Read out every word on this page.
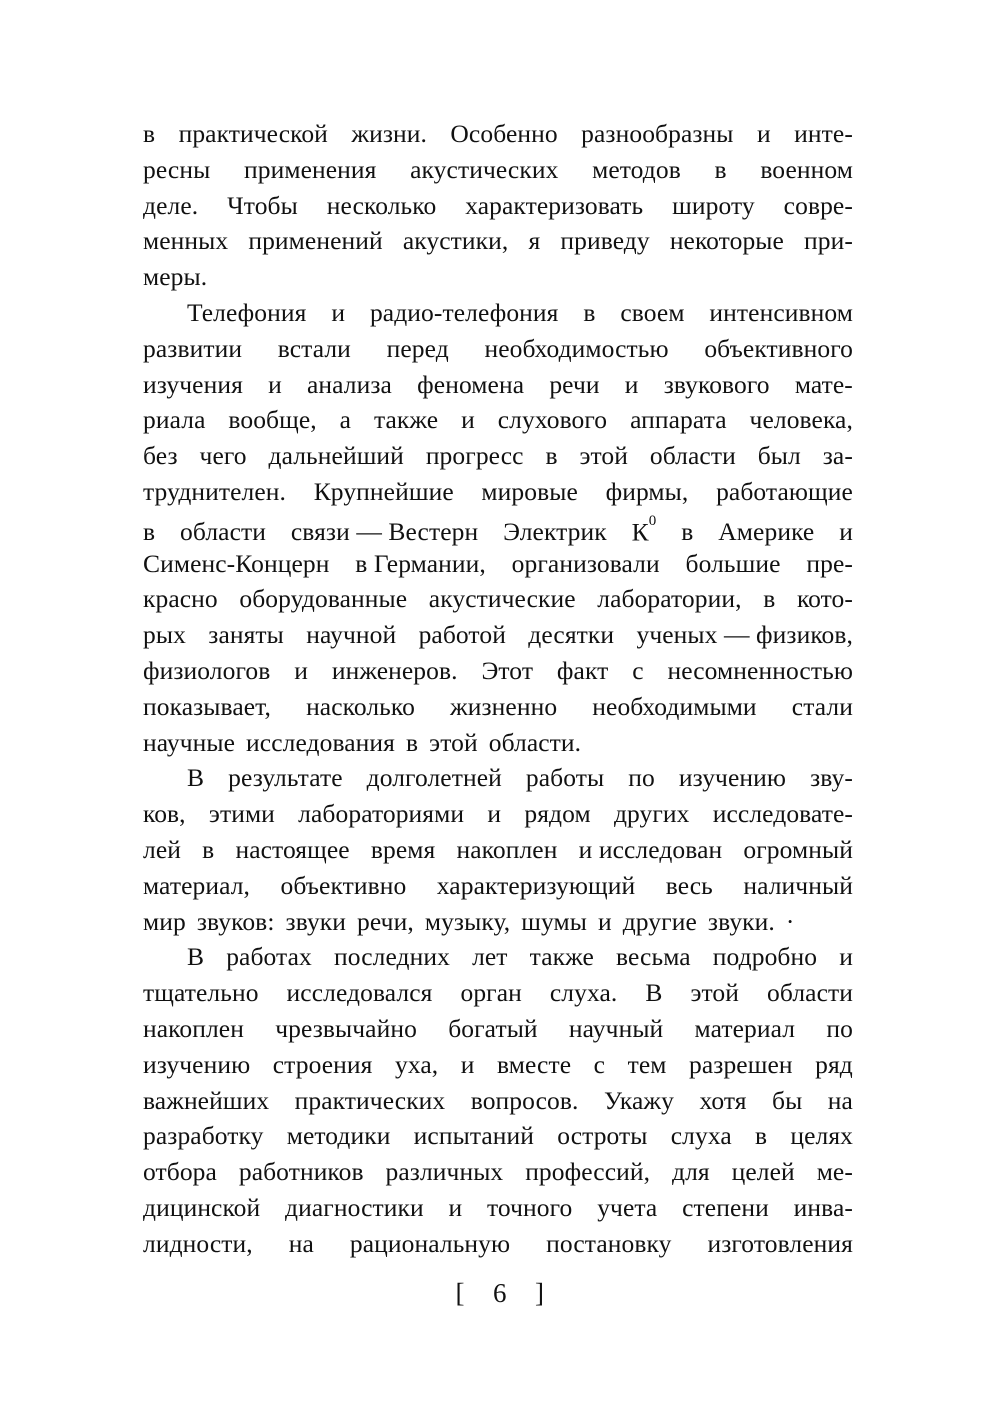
в практической жизни. Особенно разнообразны и инте-
ресны применения акустических методов в военном
деле. Чтобы несколько характеризовать широту совре-
менных применений акустики, я приведу некоторые при-
меры.
Телефония и радио-телефония в своем интенсивном
развитии встали перед необходимостью объективного
изучения и анализа феномена речи и звукового мате-
риала вообще, а также и слухового аппарата человека,
без чего дальнейший прогресс в этой области был за-
труднителен. Крупнейшие мировые фирмы, работающие
в области связи — Вестерн Электрик $К^0$ в Америке и
Сименс-Концерн в Германии, организовали большие пре-
красно оборудованные акустические лаборатории, в кото-
рых заняты научной работой десятки ученых — физиков,
физиологов и инженеров. Этот факт с несомненностью
показывает, насколько жизненно необходимыми стали
научные исследования в этой области.
В результате долголетней работы по изучению зву-
ков, этими лабораториями и рядом других исследовате-
лей в настоящее время накоплен и исследован огромный
материал, объективно характеризующий весь наличный
мир звуков: звуки речи, музыку, шумы и другие звуки. ·
В работах последних лет также весьма подробно и
тщательно исследовался орган слуха. В этой области
накоплен чрезвычайно богатый научный материал по
изучению строения уха, и вместе с тем разрешен ряд
важнейших практических вопросов. Укажу хотя бы на
разработку методики испытаний остроты слуха в целях
отбора работников различных профессий, для целей ме-
дицинской диагностики и точного учета степени инва-
лидности, на рациональную постановку изготовления
[ 6 ]
